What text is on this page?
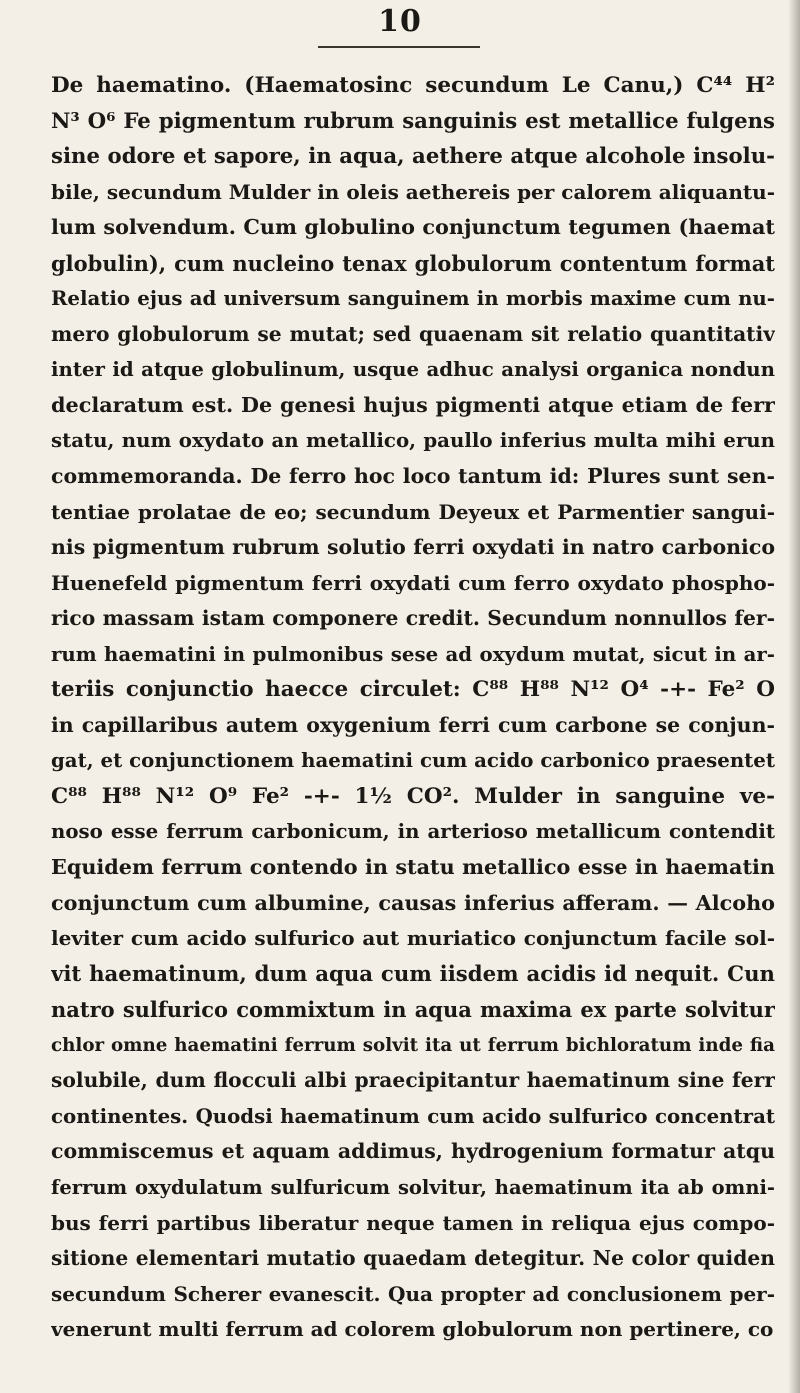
10
De haematino. (Haematosinc secundum Le Canu,) C⁴⁴ H²
N³ O⁶ Fe pigmentum rubrum sanguinis est metallice fulgens
sine odore et sapore, in aqua, aethere atque alcohole insolu-
bile, secundum Mulder in oleis aethereis per calorem aliquantu-
lum solvendum. Cum globulino conjunctum tegumen (haemat
globulin), cum nucleino tenax globulorum contentum format
Relatio ejus ad universum sanguinem in morbis maxime cum nu-
mero globulorum se mutat; sed quaenam sit relatio quantitativ
inter id atque globulinum, usque adhuc analysi organica nondun
declaratum est. De genesi hujus pigmenti atque etiam de ferr
statu, num oxydato an metallico, paullo inferius multa mihi erun
commemoranda. De ferro hoc loco tantum id: Plures sunt sen-
tentiae prolatae de eo; secundum Deyeux et Parmentier sangui-
nis pigmentum rubrum solutio ferri oxydati in natro carbonico
Huenefeld pigmentum ferri oxydati cum ferro oxydato phospho-
rico massam istam componere credit. Secundum nonnullos fer-
rum haematini in pulmonibus sese ad oxydum mutat, sicut in ar-
teriis conjunctio haecce circulet: C⁸⁸ H⁸⁸ N¹² O⁴ -+- Fe² O
in capillaribus autem oxygenium ferri cum carbone se conjun-
gat, et conjunctionem haematini cum acido carbonico praesentet
C⁸⁸ H⁸⁸ N¹² O⁹ Fe² -+- 1½ CO². Mulder in sanguine ve-
noso esse ferrum carbonicum, in arterioso metallicum contendit
Equidem ferrum contendo in statu metallico esse in haematin
conjunctum cum albumine, causas inferius afferam. — Alcoho
leviter cum acido sulfurico aut muriatico conjunctum facile sol-
vit haematinum, dum aqua cum iisdem acidis id nequit. Cun
natro sulfurico commixtum in aqua maxima ex parte solvitur
chlor omne haematini ferrum solvit ita ut ferrum bichloratum inde fia
solubile, dum flocculi albi praecipitantur haematinum sine ferr
continentes. Quodsi haematinum cum acido sulfurico concentrat
commiscemus et aquam addimus, hydrogenium formatur atqu
ferrum oxydulatum sulfuricum solvitur, haematinum ita ab omni-
bus ferri partibus liberatur neque tamen in reliqua ejus compo-
sitione elementari mutatio quaedam detegitur. Ne color quiden
secundum Scherer evanescit. Qua propter ad conclusionem per-
venerunt multi ferrum ad colorem globulorum non pertinere, co
